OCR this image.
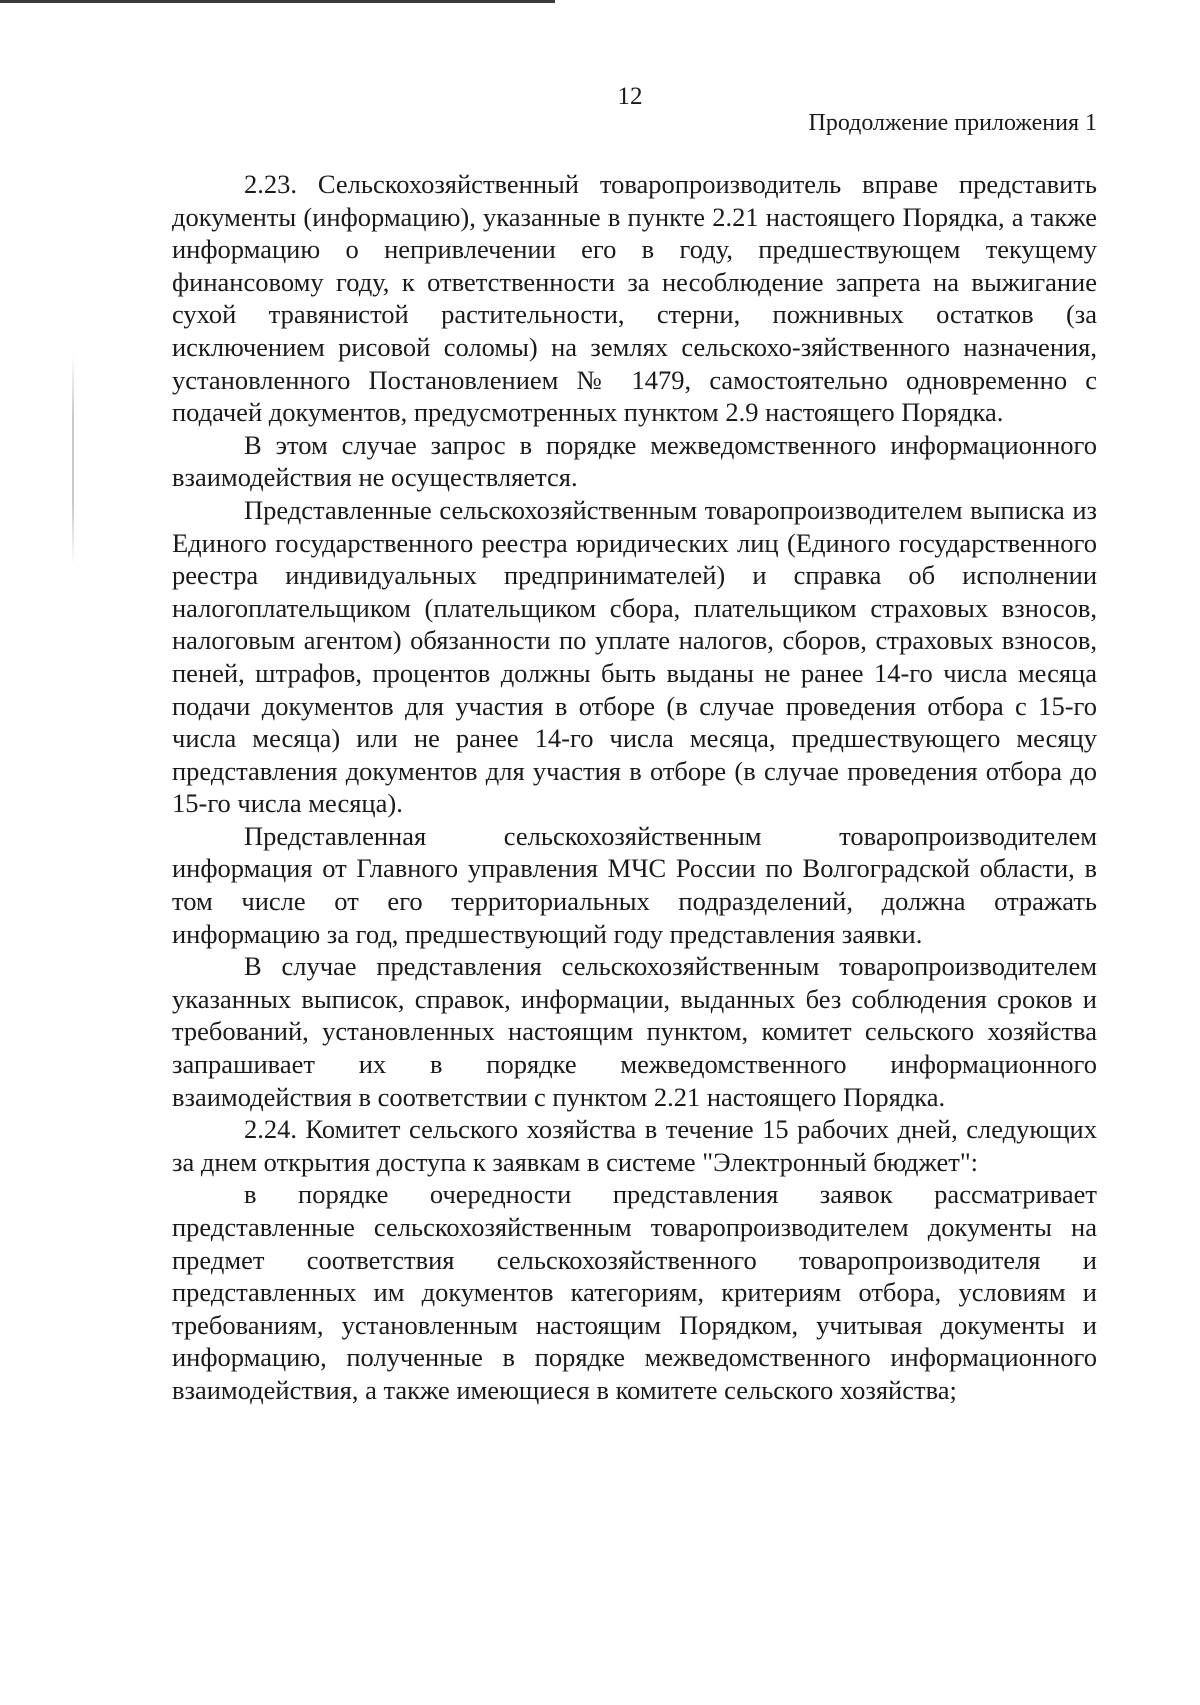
12
Продолжение приложения 1

2.23. Сельскохозяйственный товаропроизводитель вправе представить документы (информацию), указанные в пункте 2.21 настоящего Порядка, а также информацию о непривлечении его в году, предшествующем текущему финансовому году, к ответственности за несоблюдение запрета на выжигание сухой травянистой растительности, стерни, пожнивных остатков (за исключением рисовой соломы) на землях сельскохо-зяйственного назначения, установленного Постановлением № 1479, самостоятельно одновременно с подачей документов, предусмотренных пунктом 2.9 настоящего Порядка.

В этом случае запрос в порядке межведомственного информационного взаимодействия не осуществляется.

Представленные сельскохозяйственным товаропроизводителем выписка из Единого государственного реестра юридических лиц (Единого государственного реестра индивидуальных предпринимателей) и справка об исполнении налогоплательщиком (плательщиком сбора, плательщиком страховых взносов, налоговым агентом) обязанности по уплате налогов, сборов, страховых взносов, пеней, штрафов, процентов должны быть выданы не ранее 14-го числа месяца подачи документов для участия в отборе (в случае проведения отбора с 15-го числа месяца) или не ранее 14-го числа месяца, предшествующего месяцу представления документов для участия в отборе (в случае проведения отбора до 15-го числа месяца).

Представленная сельскохозяйственным товаропроизводителем информация от Главного управления МЧС России по Волгоградской области, в том числе от его территориальных подразделений, должна отражать информацию за год, предшествующий году представления заявки.

В случае представления сельскохозяйственным товаропроизводителем указанных выписок, справок, информации, выданных без соблюдения сроков и требований, установленных настоящим пунктом, комитет сельского хозяйства запрашивает их в порядке межведомственного информационного взаимодействия в соответствии с пунктом 2.21 настоящего Порядка.

2.24. Комитет сельского хозяйства в течение 15 рабочих дней, следующих за днем открытия доступа к заявкам в системе "Электронный бюджет":

в порядке очередности представления заявок рассматривает представленные сельскохозяйственным товаропроизводителем документы на предмет соответствия сельскохозяйственного товаропроизводителя и представленных им документов категориям, критериям отбора, условиям и требованиям, установленным настоящим Порядком, учитывая документы и информацию, полученные в порядке межведомственного информационного взаимодействия, а также имеющиеся в комитете сельского хозяйства;
